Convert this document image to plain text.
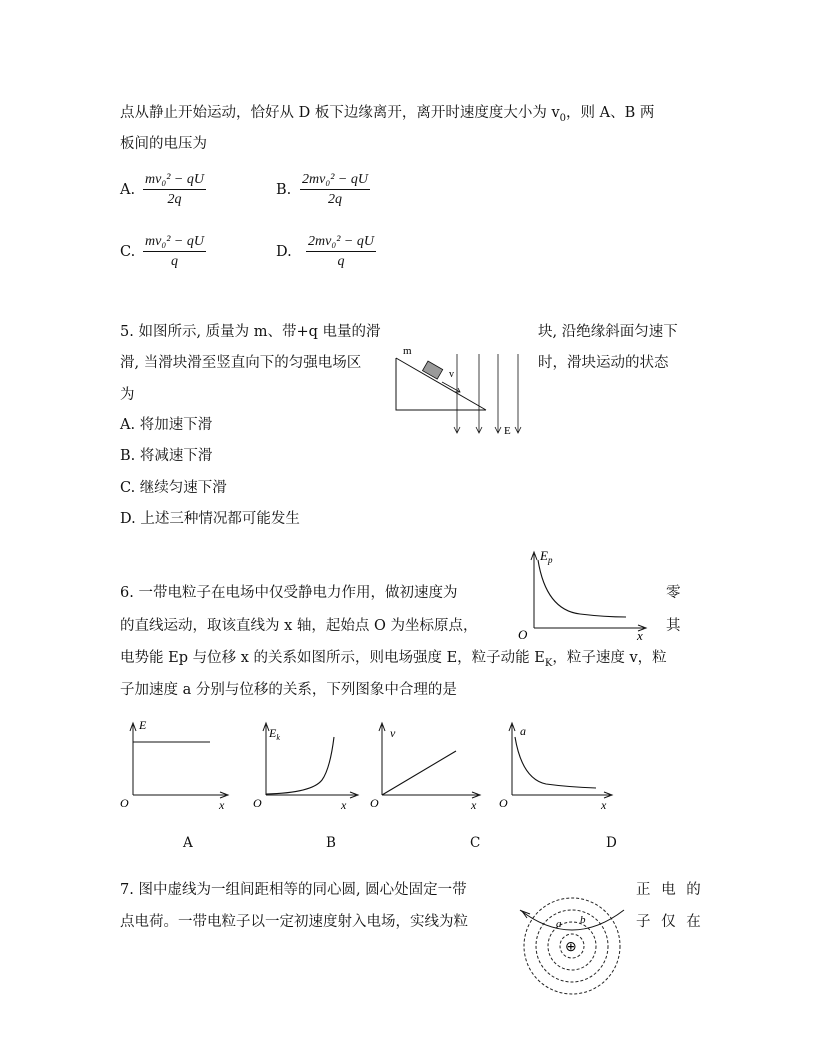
点从静止开始运动，恰好从 D 板下边缘离开，离开时速度度大小为 $v_0$，则 A、B 两
板间的电压为
A. $\frac{\text{mv₀² − qU}}{2q}$	B. $\frac{\text{2mv₀² − qU}}{2q}$
C. $\frac{\text{mv₀² − qU}}{q}$	D. $\frac{\text{2mv₀² − qU}}{q}$
5. 如图所示, 质量为 m、带+q 电量的滑	块, 沿绝缘斜面匀速下
滑, 当滑块滑至竖直向下的匀强电场区	时，滑块运动的状态
为
A. 将加速下滑
B. 将减速下滑
C. 继续匀速下滑
D. 上述三种情况都可能发生
m
v
E
6. 一带电粒子在电场中仅受静电力作用，做初速度为	零
的直线运动，取该直线为 x 轴，起始点 O 为坐标原点，	其
电势能 Ep 与位移 x 的关系如图所示，则电场强度 E，粒子动能 $E_K$，粒子速度 v，粒
子加速度 a 分别与位移的关系，下列图象中合理的是
$E_p$
O	x
E
O	x
$E_k$
O	x
v
O	x
a
O	x
A	B	C	D
7. 图中虚线为一组间距相等的同心圆, 圆心处固定一带	正 电 的
点电荷。一带电粒子以一定初速度射入电场，实线为粒	子 仅 在
a b
⊕
